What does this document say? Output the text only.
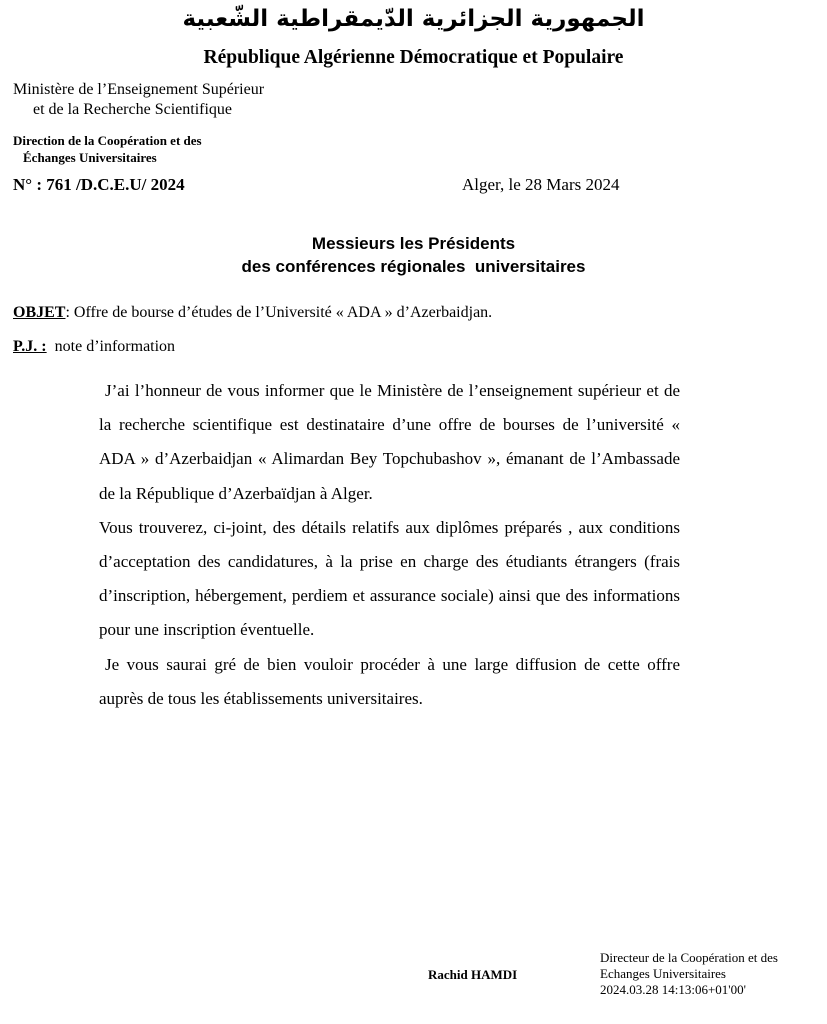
الجمهورية الجزائرية الدّيمقراطية الشّعبية
République Algérienne Démocratique et Populaire
Ministère de l’Enseignement Supérieur
et de la Recherche Scientifique
Direction de la Coopération et des
Échanges Universitaires
N° : 761 /D.C.E.U/ 2024	Alger, le 28 Mars 2024
Messieurs les Présidents
des conférences régionales  universitaires
OBJET: Offre de bourse d’études de l’Université « ADA » d’Azerbaidjan.
P.J. : note d’information

J’ai l’honneur de vous informer que le Ministère de l’enseignement supérieur et de la recherche scientifique est destinataire d’une offre de bourses de l’université « ADA » d’Azerbaidjan « Alimardan Bey Topchubashov », émanant de l’Ambassade de la République d’Azerbaïdjan à Alger.

Vous trouverez, ci-joint, des détails relatifs aux diplômes préparés , aux conditions d’acceptation des candidatures, à la prise en charge des étudiants étrangers (frais d’inscription, hébergement, perdiem et assurance sociale) ainsi que des informations pour une inscription éventuelle.

Je vous saurai gré de bien vouloir procéder à une large diffusion de cette offre auprès de tous les établissements universitaires.

Rachid HAMDI
Directeur de la Coopération et des
Echanges Universitaires
2024.03.28 14:13:06+01'00'
